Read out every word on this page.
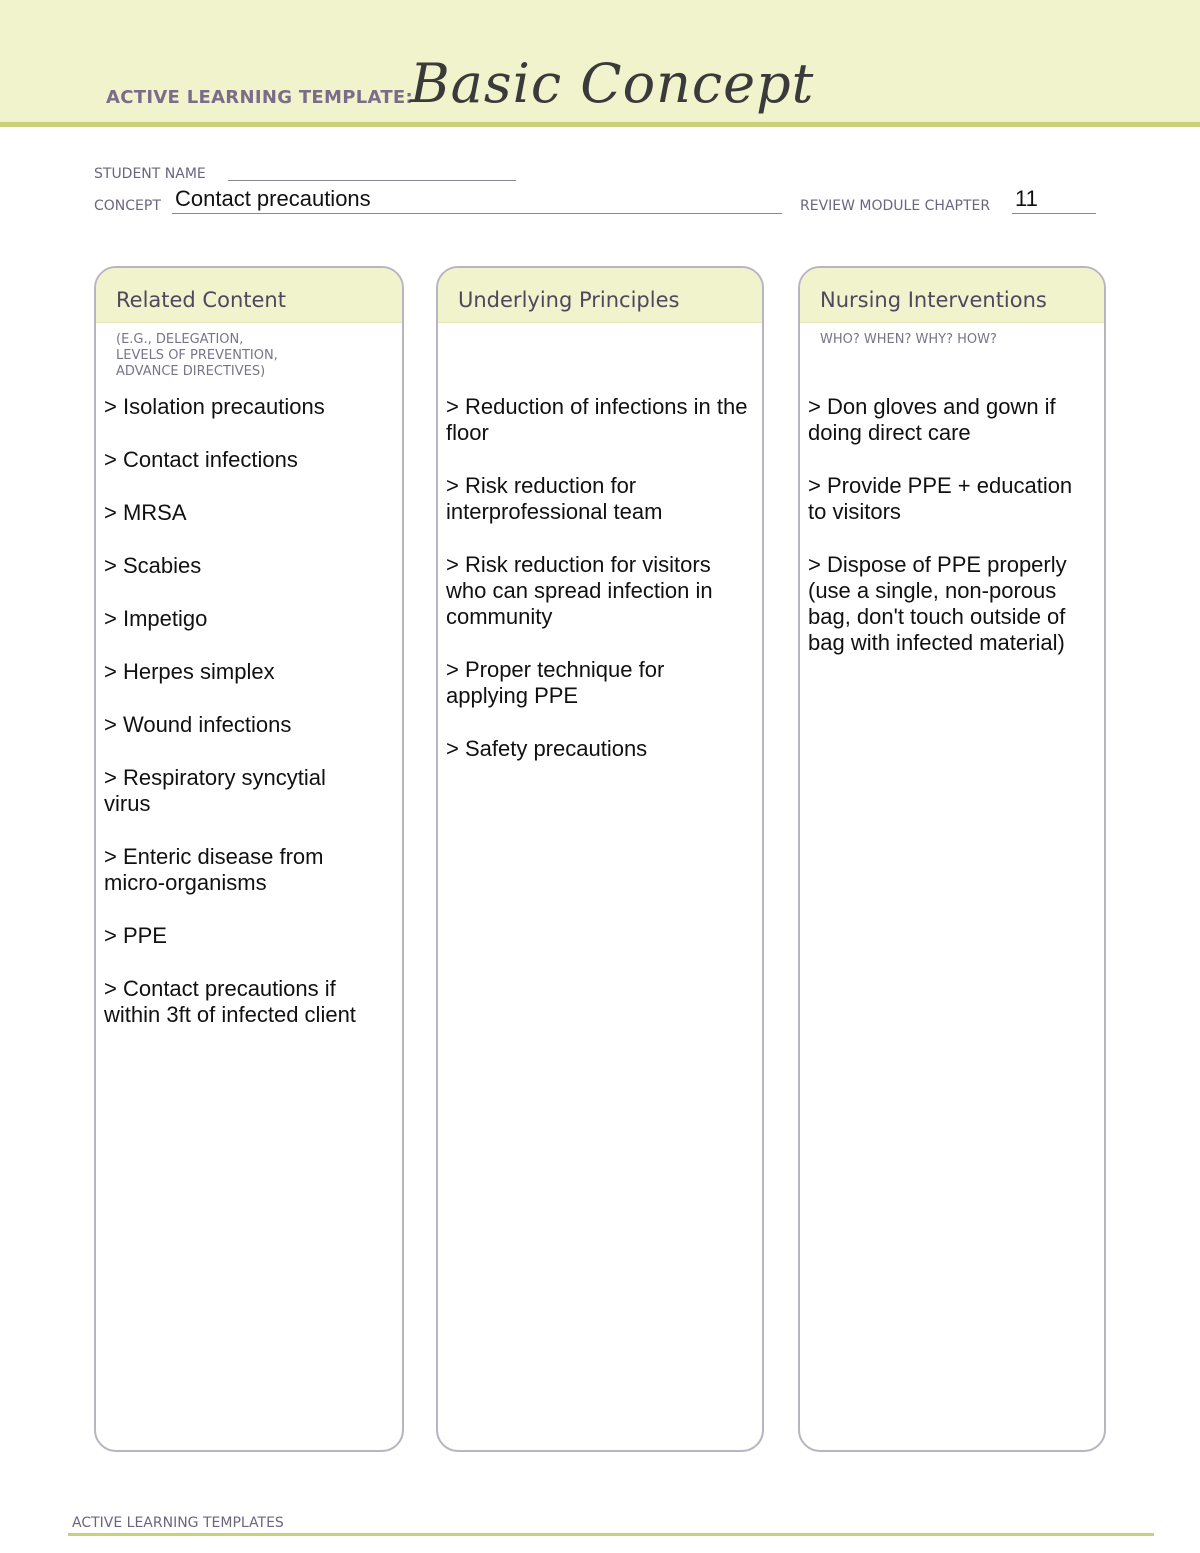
ACTIVE LEARNING TEMPLATE:
Basic Concept
STUDENT NAME
CONCEPT Contact precautions	REVIEW MODULE CHAPTER 11
Related Content
(E.G., DELEGATION,
LEVELS OF PREVENTION,
ADVANCE DIRECTIVES)
> Isolation precautions
> Contact infections
> MRSA
> Scabies
> Impetigo
> Herpes simplex
> Wound infections
> Respiratory syncytial virus
> Enteric disease from micro-organisms
> PPE
> Contact precautions if within 3ft of infected client
Underlying Principles
> Reduction of infections in the floor
> Risk reduction for interprofessional team
> Risk reduction for visitors who can spread infection in community
> Proper technique for applying PPE
> Safety precautions
Nursing Interventions
WHO? WHEN? WHY? HOW?
> Don gloves and gown if doing direct care
> Provide PPE + education to visitors
> Dispose of PPE properly (use a single, non-porous bag, don't touch outside of bag with infected material)
ACTIVE LEARNING TEMPLATES
